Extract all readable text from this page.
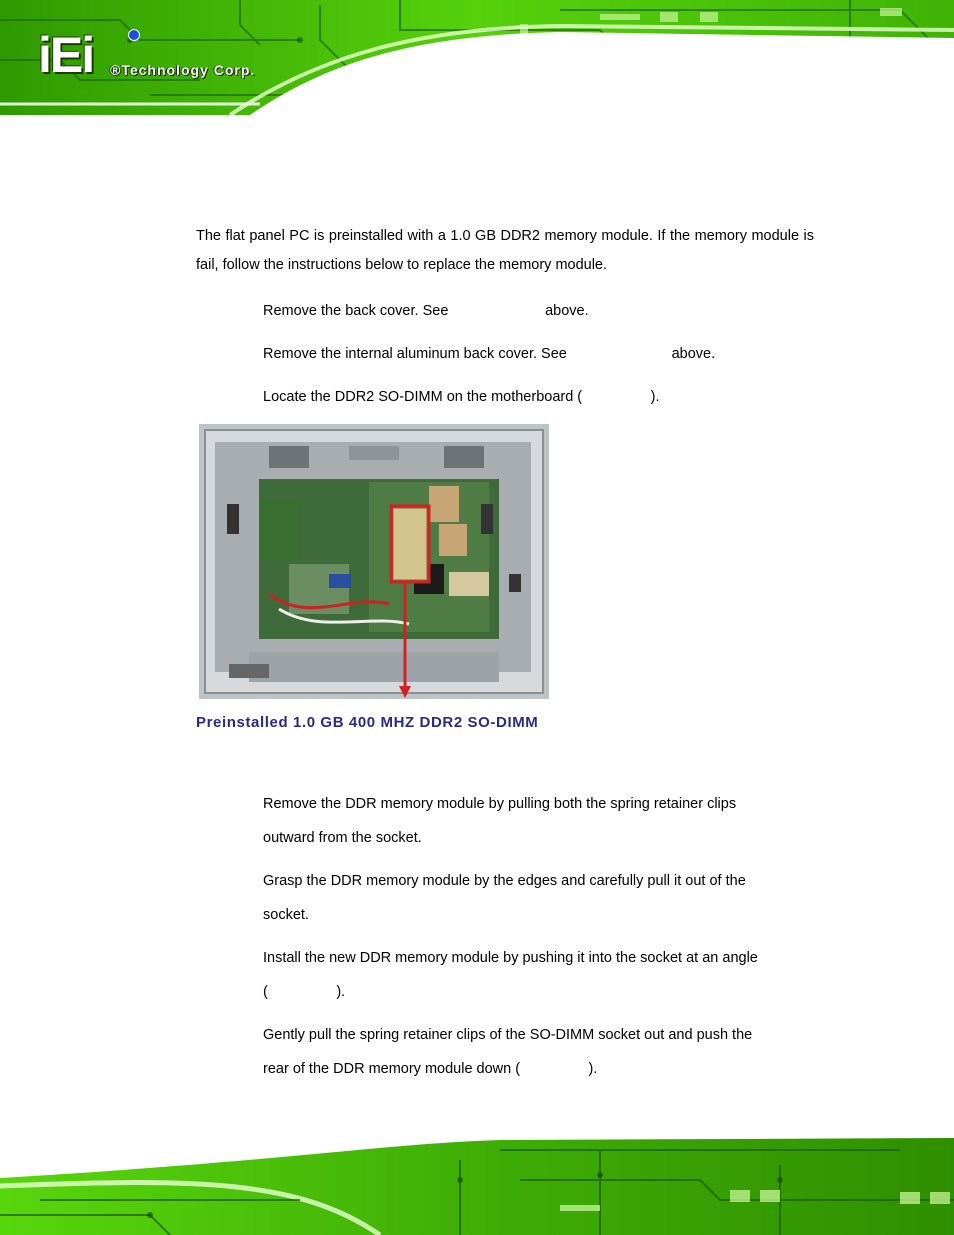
iEi ®Technology Corp.

The flat panel PC is preinstalled with a 1.0 GB DDR2 memory module. If the memory module is fail, follow the instructions below to replace the memory module.

Remove the back cover. See                        above.
Remove the internal aluminum back cover. See                          above.
Locate the DDR2 SO-DIMM on the motherboard (                 ).
Preinstalled 1.0 GB 400 MHZ DDR2 SO-DIMM
Remove the DDR memory module by pulling both the spring retainer clips
outward from the socket.
Grasp the DDR memory module by the edges and carefully pull it out of the
socket.
Install the new DDR memory module by pushing it into the socket at an angle
(                 ).
Gently pull the spring retainer clips of the SO-DIMM socket out and push the
rear of the DDR memory module down (                 ).
